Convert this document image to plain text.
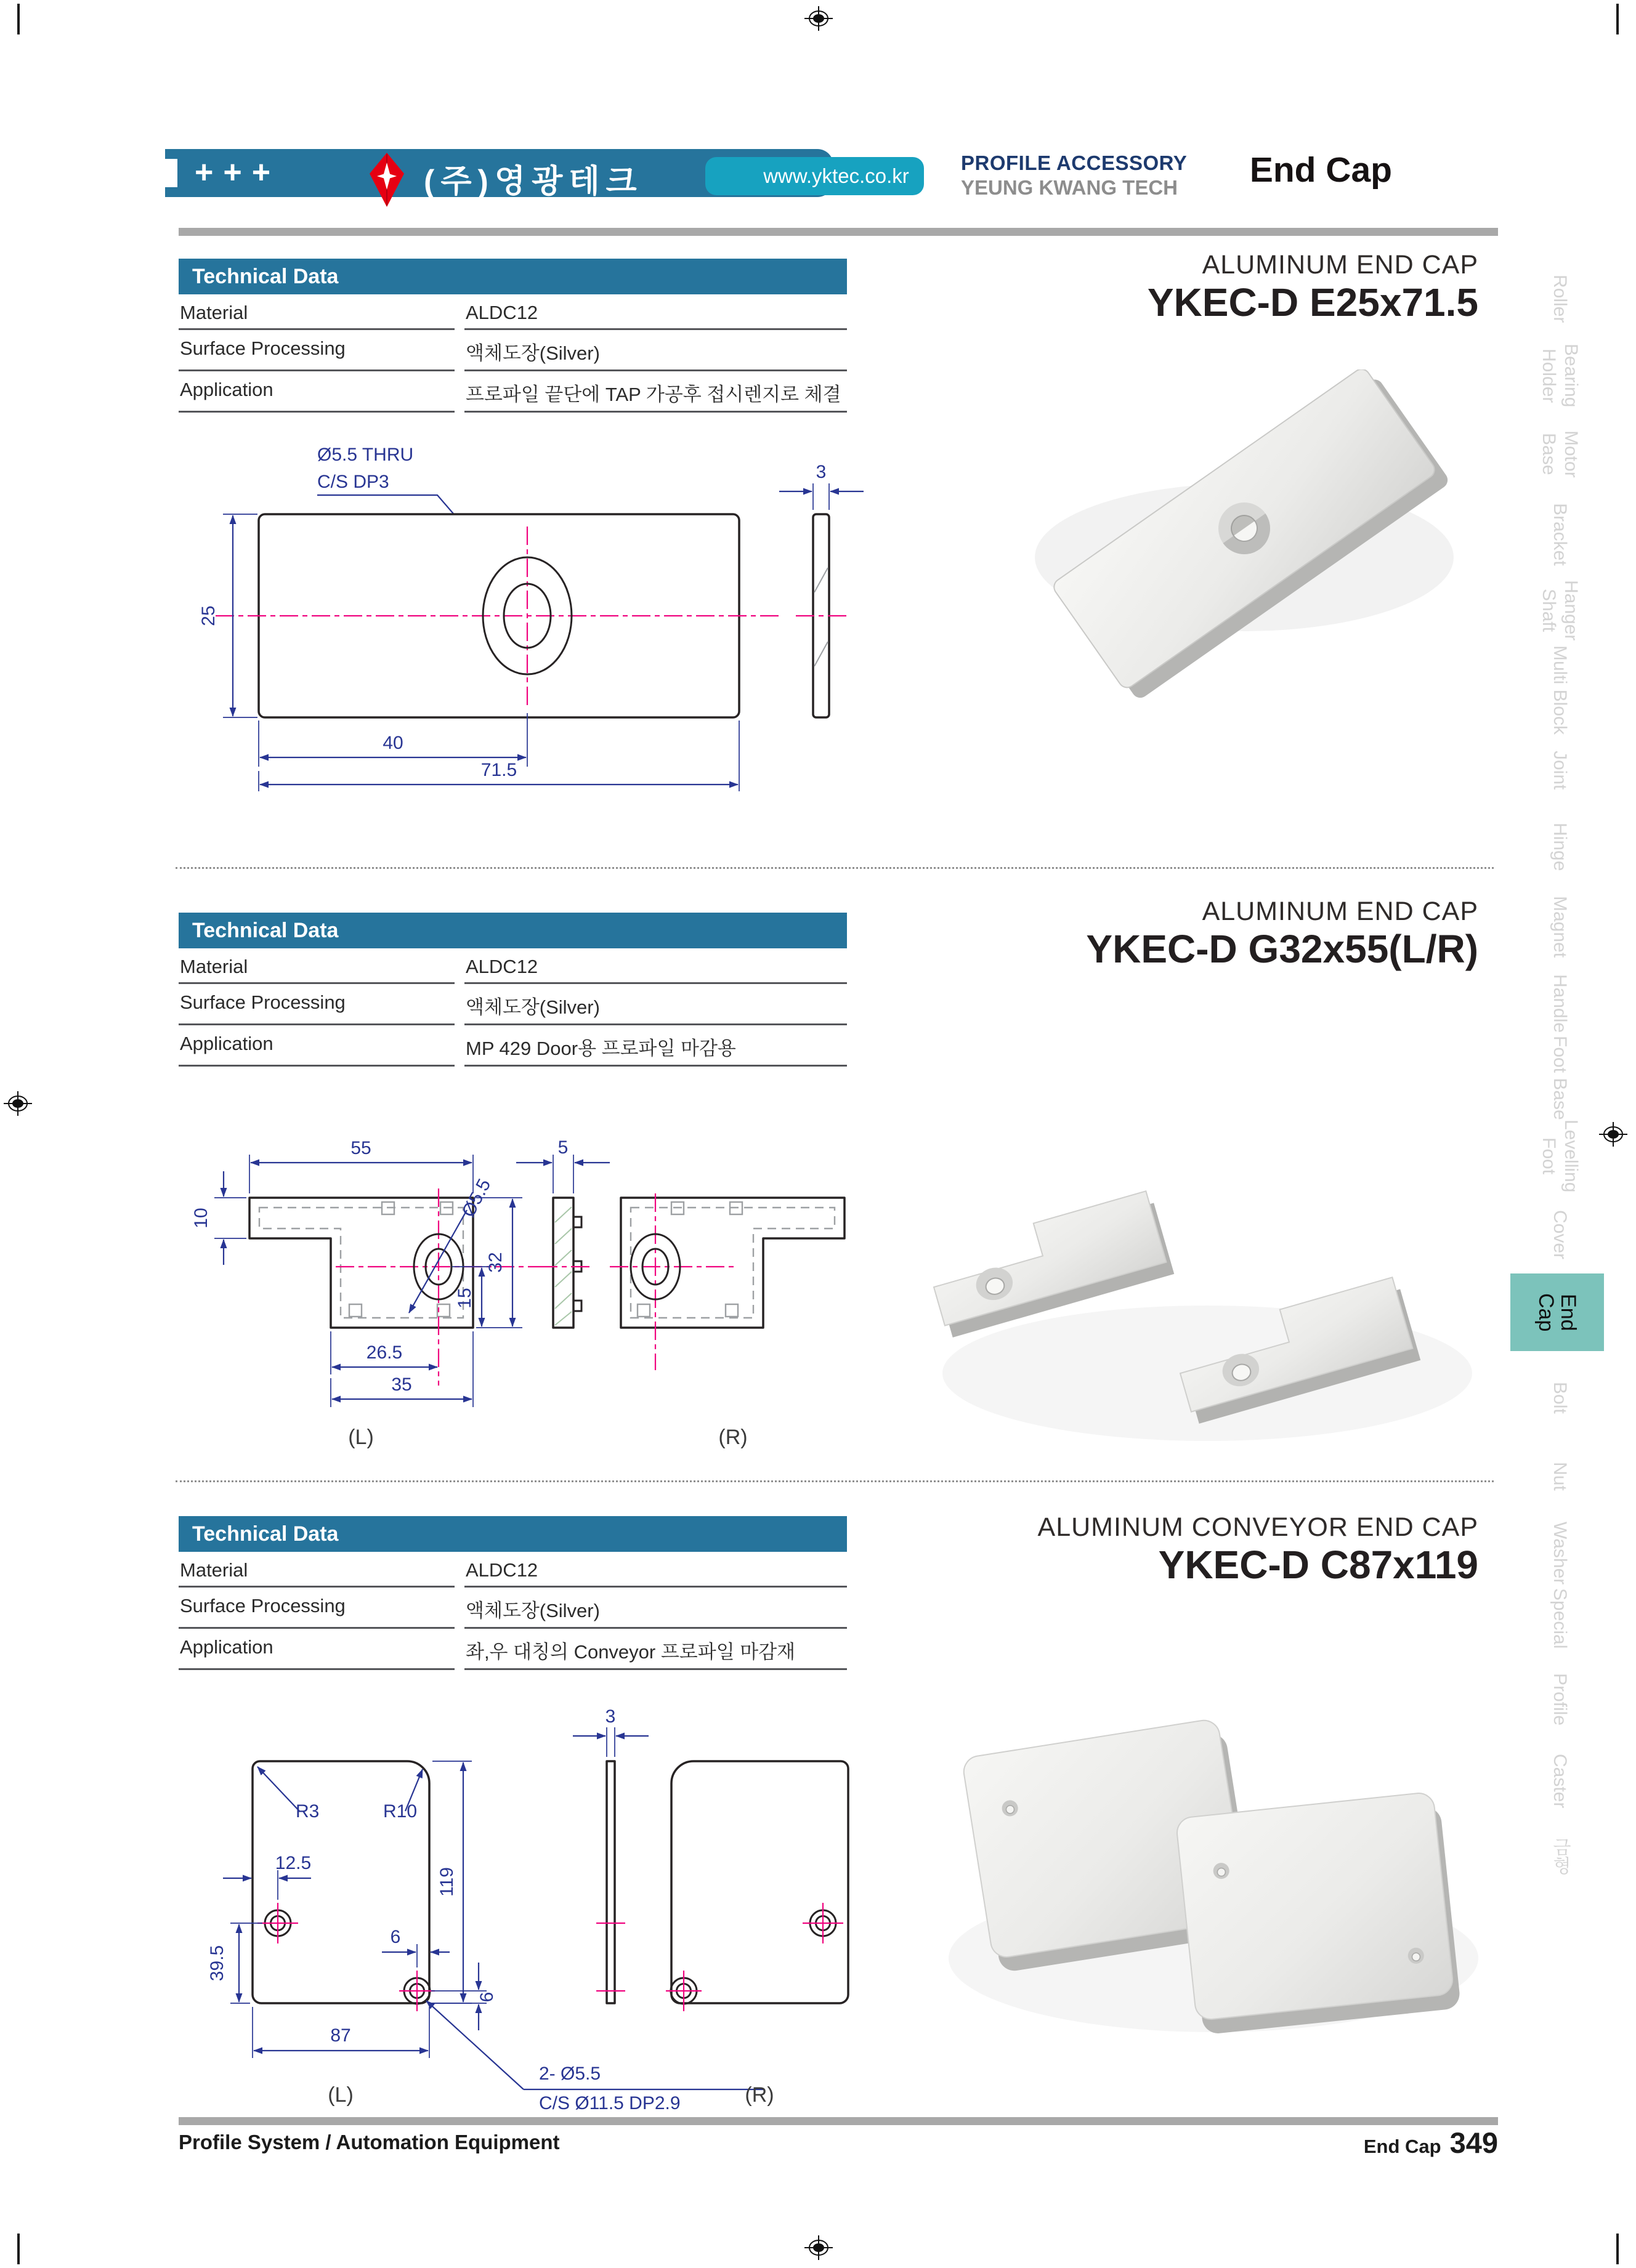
+++	(주)영광테크	www.yktec.co.kr
PROFILE ACCESSORY
YEUNG KWANG TECH	End Cap
Roller
Bearing Holder
Motor Base
Bracket
Hanger Shaft
Multi Block
Joint
Hinge
Magnet
Handle
Foot Base
Levelling Foot
Cover
End Cap
Bolt
Nut
Washer
Special
Profile
Caster
금형
Technical Data
Material	ALDC12
Surface Processing	액체도장(Silver)
Application	프로파일 끝단에 TAP 가공후 접시렌지로 체결
ALUMINUM END CAP
YKEC-D E25x71.5
Ø5.5 THRU
C/S DP3
25
40
71.5
3
Technical Data
Material	ALDC12
Surface Processing	액체도장(Silver)
Application	MP 429 Door용 프로파일 마감용
ALUMINUM END CAP
YKEC-D G32x55(L/R)
Ø5.5
55
10
32
15
26.5
35
(L)
5
(R)
Technical Data
Material	ALDC12
Surface Processing	액체도장(Silver)
Application	좌,우 대칭의 Conveyor 프로파일 마감재
ALUMINUM CONVEYOR END CAP
YKEC-D C87x119
R3	R10
12.5
39.5
119
6
6
87
2- Ø5.5
C/S Ø11.5 DP2.9
(L)
3
(R)
Profile System / Automation Equipment	End Cap 349
